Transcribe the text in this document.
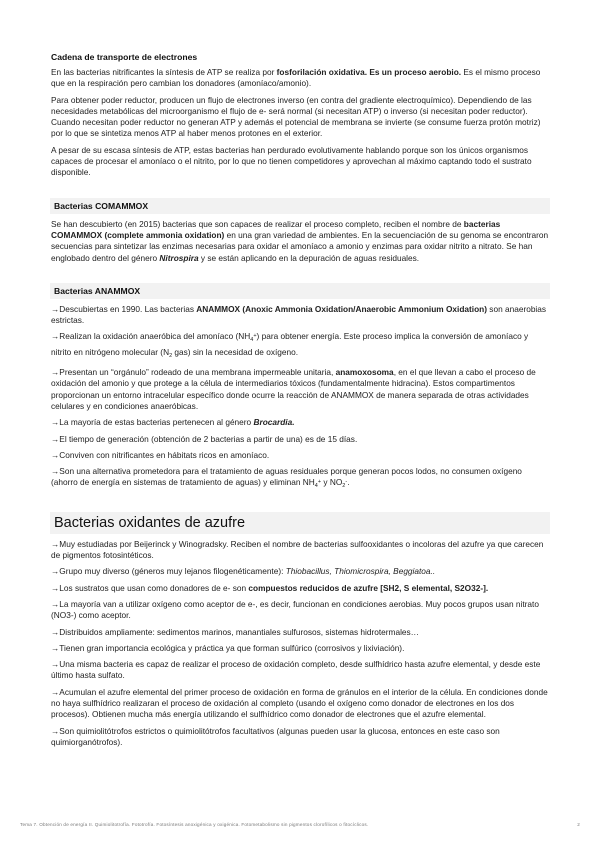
Cadena de transporte de electrones

En las bacterias nitrificantes la síntesis de ATP se realiza por fosforilación oxidativa. Es un proceso aerobio. Es el mismo proceso que en la respiración pero cambian los donadores (amoníaco/amonio).

Para obtener poder reductor, producen un flujo de electrones inverso (en contra del gradiente electroquímico). Dependiendo de las necesidades metabólicas del microorganismo el flujo de e- será normal (si necesitan ATP) o inverso (si necesitan poder reductor). Cuando necesitan poder reductor no generan ATP y además el potencial de membrana se invierte (se consume fuerza protón motriz) por lo que se sintetiza menos ATP al haber menos protones en el exterior.

A pesar de su escasa síntesis de ATP, estas bacterias han perdurado evolutivamente hablando porque son los únicos organismos capaces de procesar el amoníaco o el nitrito, por lo que no tienen competidores y aprovechan al máximo captando todo el sustrato disponible.

Bacterias COMAMMOX

Se han descubierto (en 2015) bacterias que son capaces de realizar el proceso completo, reciben el nombre de bacterias COMAMMOX (complete ammonia oxidation) en una gran variedad de ambientes. En la secuenciación de su genoma se encontraron secuencias para sintetizar las enzimas necesarias para oxidar el amoníaco a amonio y enzimas para oxidar nitrito a nitrato. Se han englobado dentro del género Nitrospira y se están aplicando en la depuración de aguas residuales.

Bacterias ANAMMOX

→Descubiertas en 1990. Las bacterias ANAMMOX (Anoxic Ammonia Oxidation/Anaerobic Ammonium Oxidation) son anaerobias estrictas.

→Realizan la oxidación anaeróbica del amoníaco $(NH_4^+)$ para obtener energía. Este proceso implica la conversión de amoníaco y nitrito en nitrógeno molecular ($N_2$ gas) sin la necesidad de oxígeno.

→Presentan un “orgánulo” rodeado de una membrana impermeable unitaria, anamoxosoma, en el que llevan a cabo el proceso de oxidación del amonio y que protege a la célula de intermediarios tóxicos (fundamentalmente hidracina). Estos compartimentos proporcionan un entorno intracelular específico donde ocurre la reacción de ANAMMOX de manera separada de otras actividades celulares y en condiciones anaeróbicas.

→La mayoría de estas bacterias pertenecen al género Brocardia.

→El tiempo de generación (obtención de 2 bacterias a partir de una) es de 15 días.

→Conviven con nitrificantes en hábitats ricos en amoníaco.

→Son una alternativa prometedora para el tratamiento de aguas residuales porque generan pocos lodos, no consumen oxígeno (ahorro de energía en sistemas de tratamiento de aguas) y eliminan $NH_4^+$ y $NO_2^-$.

Bacterias oxidantes de azufre

→Muy estudiadas por Beijerinck y Winogradsky. Reciben el nombre de bacterias sulfooxidantes o incoloras del azufre ya que carecen de pigmentos fotosintéticos.

→Grupo muy diverso (géneros muy lejanos filogenéticamente): Thiobacillus, Thiomicrospira, Beggiatoa..

→Los sustratos que usan como donadores de e- son compuestos reducidos de azufre [SH2, S elemental, S2O32-].

→La mayoría van a utilizar oxígeno como aceptor de e-, es decir, funcionan en condiciones aerobias. Muy pocos grupos usan nitrato (NO3-) como aceptor.

→Distribuidos ampliamente: sedimentos marinos, manantiales sulfurosos, sistemas hidrotermales…

→Tienen gran importancia ecológica y práctica ya que forman sulfúrico (corrosivos y lixiviación).

→Una misma bacteria es capaz de realizar el proceso de oxidación completo, desde sulfhídrico hasta azufre elemental, y desde este último hasta sulfato.

→Acumulan el azufre elemental del primer proceso de oxidación en forma de gránulos en el interior de la célula. En condiciones donde no haya sulfhídrico realizaran el proceso de oxidación al completo (usando el oxígeno como donador de electrones en los dos procesos). Obtienen mucha más energía utilizando el sulfhídrico como donador de electrones que el azufre elemental.

→Son quimiolitótrofos estrictos o quimiolitótrofos facultativos (algunas pueden usar la glucosa, entonces en este caso son quimiorganótrofos).

Tema 7. Obtención de energía II. Quimiolitotrofía. Fototrofía. Fotosíntesis anoxigénica y oxigénica. Fotometabolismo sin pigmentos clorofílicos o fitocíclicos.	2
